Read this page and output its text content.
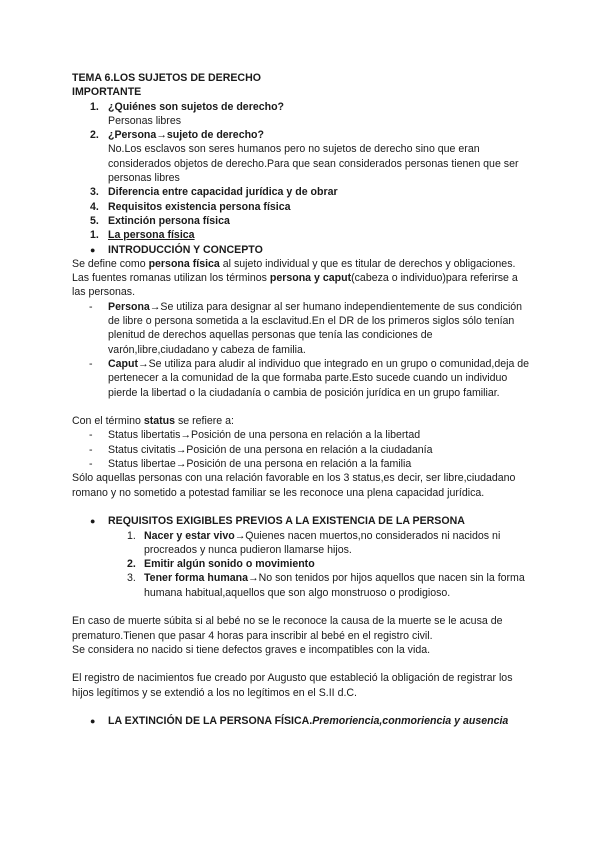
TEMA 6.LOS SUJETOS DE DERECHO

IMPORTANTE

1. ¿Quiénes son sujetos de derecho?

Personas libres

2. ¿Persona→sujeto de derecho?

No.Los esclavos son seres humanos pero no sujetos de derecho sino que eran considerados objetos de derecho.Para que sean considerados personas tienen que ser personas libres

3. Diferencia entre capacidad jurídica y de obrar
4. Requisitos existencia persona física
5. Extinción persona física
1. La persona física
● INTRODUCCIÓN Y CONCEPTO

Se define como persona física al sujeto individual y que es titular de derechos y obligaciones.

Las fuentes romanas utilizan los términos persona y caput(cabeza o individuo)para referirse a las personas.

- Persona→Se utiliza para designar al ser humano independientemente de sus condición de libre o persona sometida a la esclavitud.En el DR de los primeros siglos sólo tenían plenitud de derechos aquellas personas que tenía las condiciones de varón,libre,ciudadano y cabeza de familia.
- Caput→Se utiliza para aludir al individuo que integrado en un grupo o comunidad,deja de pertenecer a la comunidad de la que formaba parte.Esto sucede cuando un individuo pierde la libertad o la ciudadanía o cambia de posición jurídica en un grupo familiar.

Con el término status se refiere a:

- Status libertatis→Posición de una persona en relación a la libertad
- Status civitatis→Posición de una persona en relación a la ciudadanía
- Status libertae→Posición de una persona en relación a la familia

Sólo aquellas personas con una relación favorable en los 3 status,es decir, ser libre,ciudadano romano y no sometido a potestad familiar se les reconoce una plena capacidad jurídica.

● REQUISITOS EXIGIBLES PREVIOS A LA EXISTENCIA DE LA PERSONA
1. Nacer y estar vivo→Quienes nacen muertos,no considerados ni nacidos ni procreados y nunca pudieron llamarse hijos.
2. Emitir algún sonido o movimiento
3. Tener forma humana→No son tenidos por hijos aquellos que nacen sin la forma humana habitual,aquellos que son algo monstruoso o prodigioso.

En caso de muerte súbita si al bebé no se le reconoce la causa de la muerte se le acusa de prematuro.Tienen que pasar 4 horas para inscribir al bebé en el registro civil.

Se considera no nacido si tiene defectos graves e incompatibles con la vida.

El registro de nacimientos fue creado por Augusto que estableció la obligación de registrar los hijos legítimos y se extendió a los no legítimos en el S.II d.C.

● LA EXTINCIÓN DE LA PERSONA FÍSICA.Premoriencia,conmoriencia y ausencia
